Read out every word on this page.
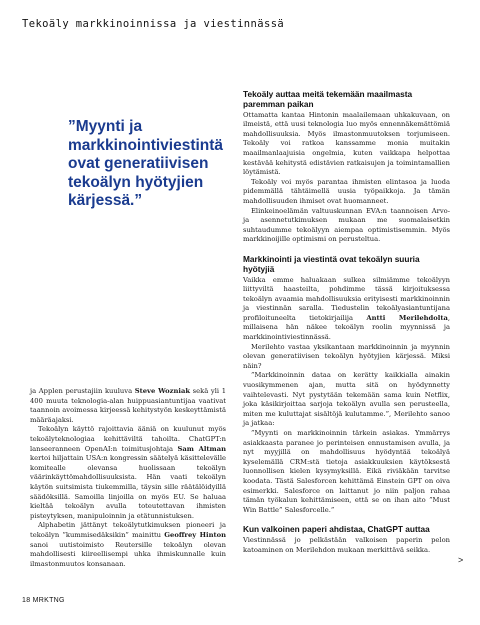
Tekoäly markkinoinnissa ja viestinnässä
”Myynti ja markkinointiviestintä ovat generatiivisen tekoälyn hyötyjien kärjessä.”

ja Applen perustajiin kuuluva Steve Wozniak sekä yli 1 400 muuta teknologia-alan huippuasiantuntijaa vaativat taannoin avoimessa kirjeessä kehitystyön keskeyttämistä määräajaksi.

Tekoälyn käyttö rajoittavia ääniä on kuulunut myös tekoälyteknologiaa kehittäviltä tahoilta. ChatGPT:n lanseeranneen OpenAI:n toimitusjohtaja Sam Altman kertoi hiljattain USA:n kongressin säätelyä käsittelevälle komitealle olevansa huolissaan tekoälyn väärinkäyttömahdollisuuksista. Hän vaati tekoälyn käytön suitsimista tiukemmilla, täysin sille räätälöidyillä säädöksillä. Samoilla linjoilla on myös EU. Se haluaa kieltää tekoälyn avulla toteutettavan ihmisten pisteytyksen, manipuloinnin ja etätunnistuksen.

Alphabetin jättänyt tekoälytutkimuksen pioneeri ja tekoälyn ”kummisedäksikin” mainittu Geoffrey Hinton sanoi uutistoimisto Reutersille tekoälyn olevan mahdollisesti kiireellisempi uhka ihmiskunnalle kuin ilmastonmuutos konsanaan.

Tekoäly auttaa meitä tekemään maailmasta paremman paikan

Ottamatta kantaa Hintonin maalailemaan uhkakuvaan, on ilmeistä, että uusi teknologia luo myös ennennäkemättömiä mahdollisuuksia. Myös ilmastonmuutoksen torjumiseen. Tekoäly voi ratkoa kanssamme monia muitakin maailmanlaajuisia ongelmia, kuten vaikkapa helpottaa kestävää kehitystä edistävien ratkaisujen ja toimintamallien löytämistä.

Tekoäly voi myös parantaa ihmisten elintasoa ja luoda pidemmällä tähtäimellä uusia työpaikkoja. Ja tämän mahdollisuuden ihmiset ovat huomanneet.

Elinkeinoelämän valtuuskunnan EVA:n taannoisen Arvo- ja asennetutkimuksen mukaan me suomalaisetkin suhtaudumme tekoälyyn aiempaa optimistisemmin. Myös markkinoijille optimismi on perusteltua.

Markkinointi ja viestintä ovat tekoälyn suuria hyötyjiä

Vaikka emme haluakaan sulkea silmiämme tekoälyyn liittyviltä haasteilta, pohdimme tässä kirjoituksessa tekoälyn avaamia mahdollisuuksia erityisesti markkinoinnin ja viestinnän saralla. Tiedustelin tekoälyasiantuntijana profiloituneelta tietokirjailija Antti Merilehdolta, millaisena hän näkee tekoälyn roolin myynnissä ja markkinointiviestinnässä.

Merilehto vastaa yksikantaan markkinoinnin ja myynnin olevan generatiivisen tekoälyn hyötyjien kärjessä. Miksi näin?

”Markkinoinnin dataa on kerätty kaikkialla ainakin vuosikymmenen ajan, mutta sitä on hyödynnetty vaihtelevasti. Nyt pystytään tekemään sama kuin Netflix, joka käsikirjoittaa sarjoja tekoälyn avulla sen perusteella, miten me kuluttajat sisältöjä kulutamme.”, Merilehto sanoo ja jatkaa:

”Myynti on markkinoinnin tärkein asiakas. Ymmärrys asiakkaasta paranee jo perinteisen ennustamisen avulla, ja nyt myyjillä on mahdollisuus hyödyntää tekoälyä kyselemällä CRM:stä tietoja asiakkuuksien käytöksestä luonnollisen kielen kysymyksillä. Eikä riviäkään tarvitse koodata. Tästä Salesforcen kehittämä Einstein GPT on oiva esimerkki. Salesforce on laittanut jo niin paljon rahaa tämän työkalun kehittämiseen, että se on ihan aito ”Must Win Battle” Salesforcelle.”

Kun valkoinen paperi ahdistaa, ChatGPT auttaa

Viestinnässä jo pelkästään valkoisen paperin pelon katoaminen on Merilehdon mukaan merkittävä seikka.

>
18 MRKTNG
